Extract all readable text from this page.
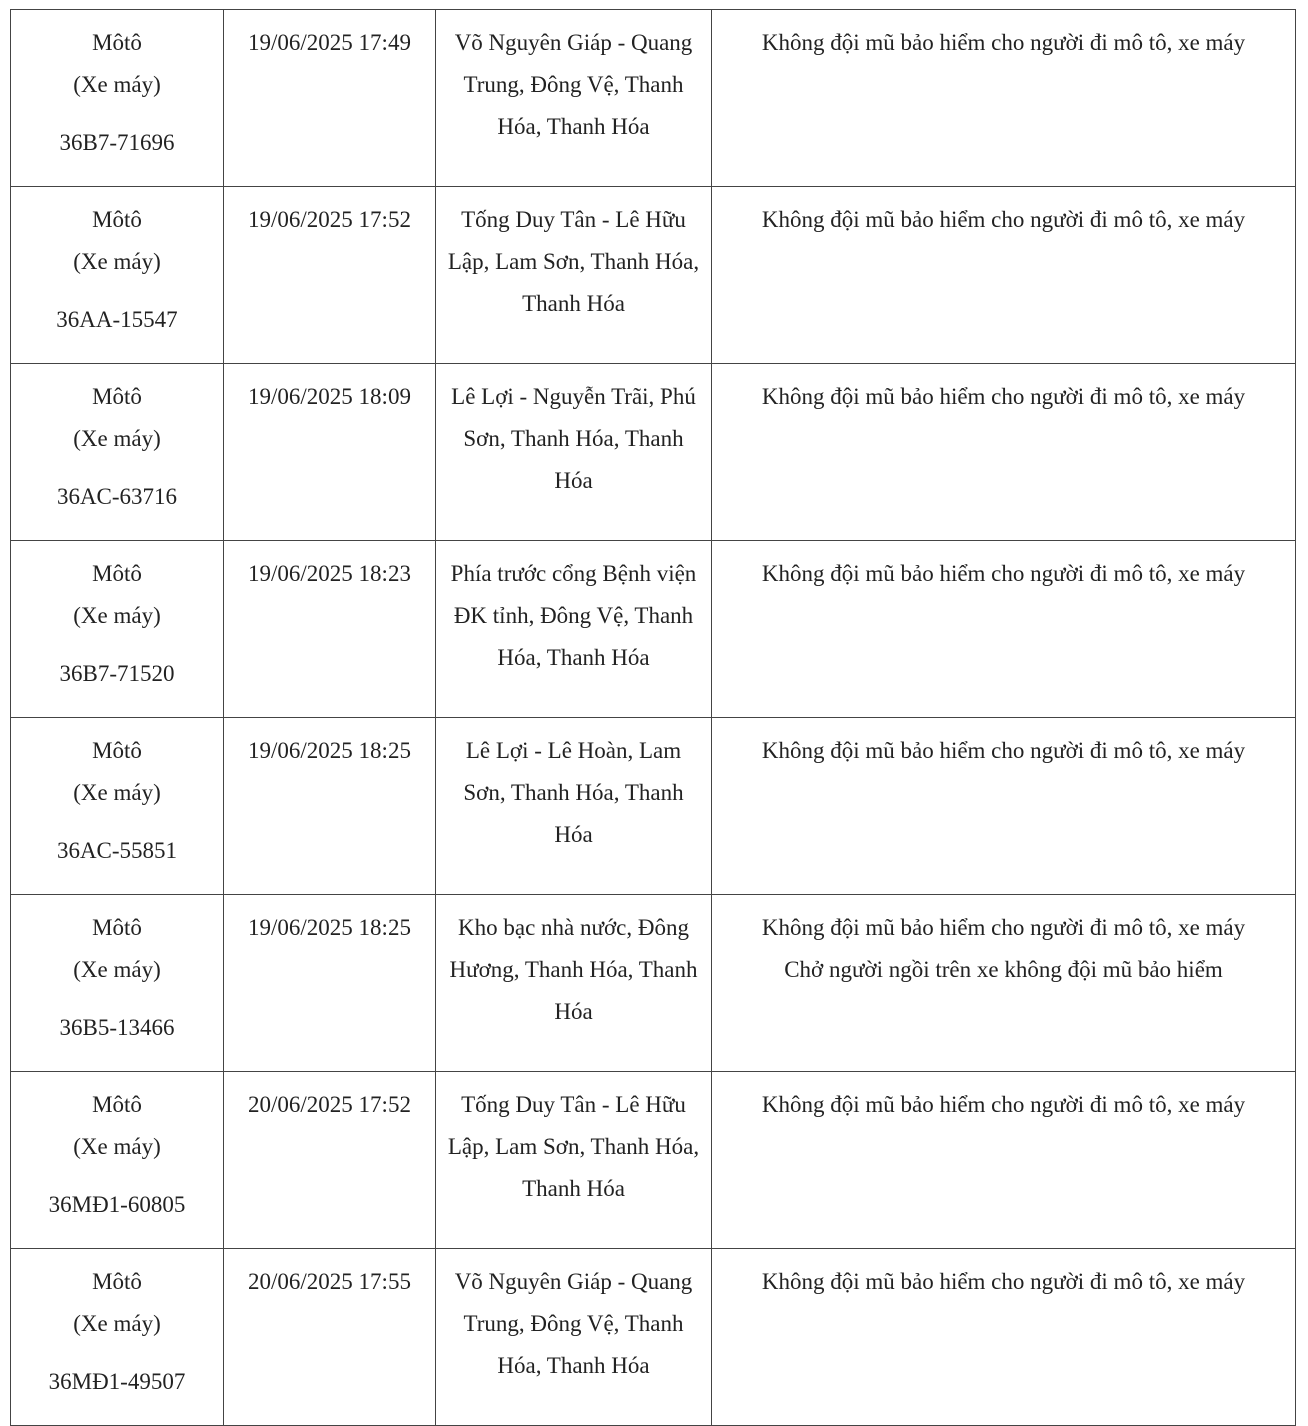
Môtô
(Xe máy)
36B7-71696	19/06/2025 17:49	Võ Nguyên Giáp - Quang Trung, Đông Vệ, Thanh Hóa, Thanh Hóa	Không đội mũ bảo hiểm cho người đi mô tô, xe máy

Môtô
(Xe máy)
36AA-15547	19/06/2025 17:52	Tống Duy Tân - Lê Hữu Lập, Lam Sơn, Thanh Hóa, Thanh Hóa	Không đội mũ bảo hiểm cho người đi mô tô, xe máy

Môtô
(Xe máy)
36AC-63716	19/06/2025 18:09	Lê Lợi - Nguyễn Trãi, Phú Sơn, Thanh Hóa, Thanh Hóa	Không đội mũ bảo hiểm cho người đi mô tô, xe máy

Môtô
(Xe máy)
36B7-71520	19/06/2025 18:23	Phía trước cổng Bệnh viện ĐK tỉnh, Đông Vệ, Thanh Hóa, Thanh Hóa	Không đội mũ bảo hiểm cho người đi mô tô, xe máy

Môtô
(Xe máy)
36AC-55851	19/06/2025 18:25	Lê Lợi - Lê Hoàn, Lam Sơn, Thanh Hóa, Thanh Hóa	Không đội mũ bảo hiểm cho người đi mô tô, xe máy

Môtô
(Xe máy)
36B5-13466	19/06/2025 18:25	Kho bạc nhà nước, Đông Hương, Thanh Hóa, Thanh Hóa	Không đội mũ bảo hiểm cho người đi mô tô, xe máy
Chở người ngồi trên xe không đội mũ bảo hiểm

Môtô
(Xe máy)
36MĐ1-60805	20/06/2025 17:52	Tống Duy Tân - Lê Hữu Lập, Lam Sơn, Thanh Hóa, Thanh Hóa	Không đội mũ bảo hiểm cho người đi mô tô, xe máy

Môtô
(Xe máy)
36MĐ1-49507	20/06/2025 17:55	Võ Nguyên Giáp - Quang Trung, Đông Vệ, Thanh Hóa, Thanh Hóa	Không đội mũ bảo hiểm cho người đi mô tô, xe máy
